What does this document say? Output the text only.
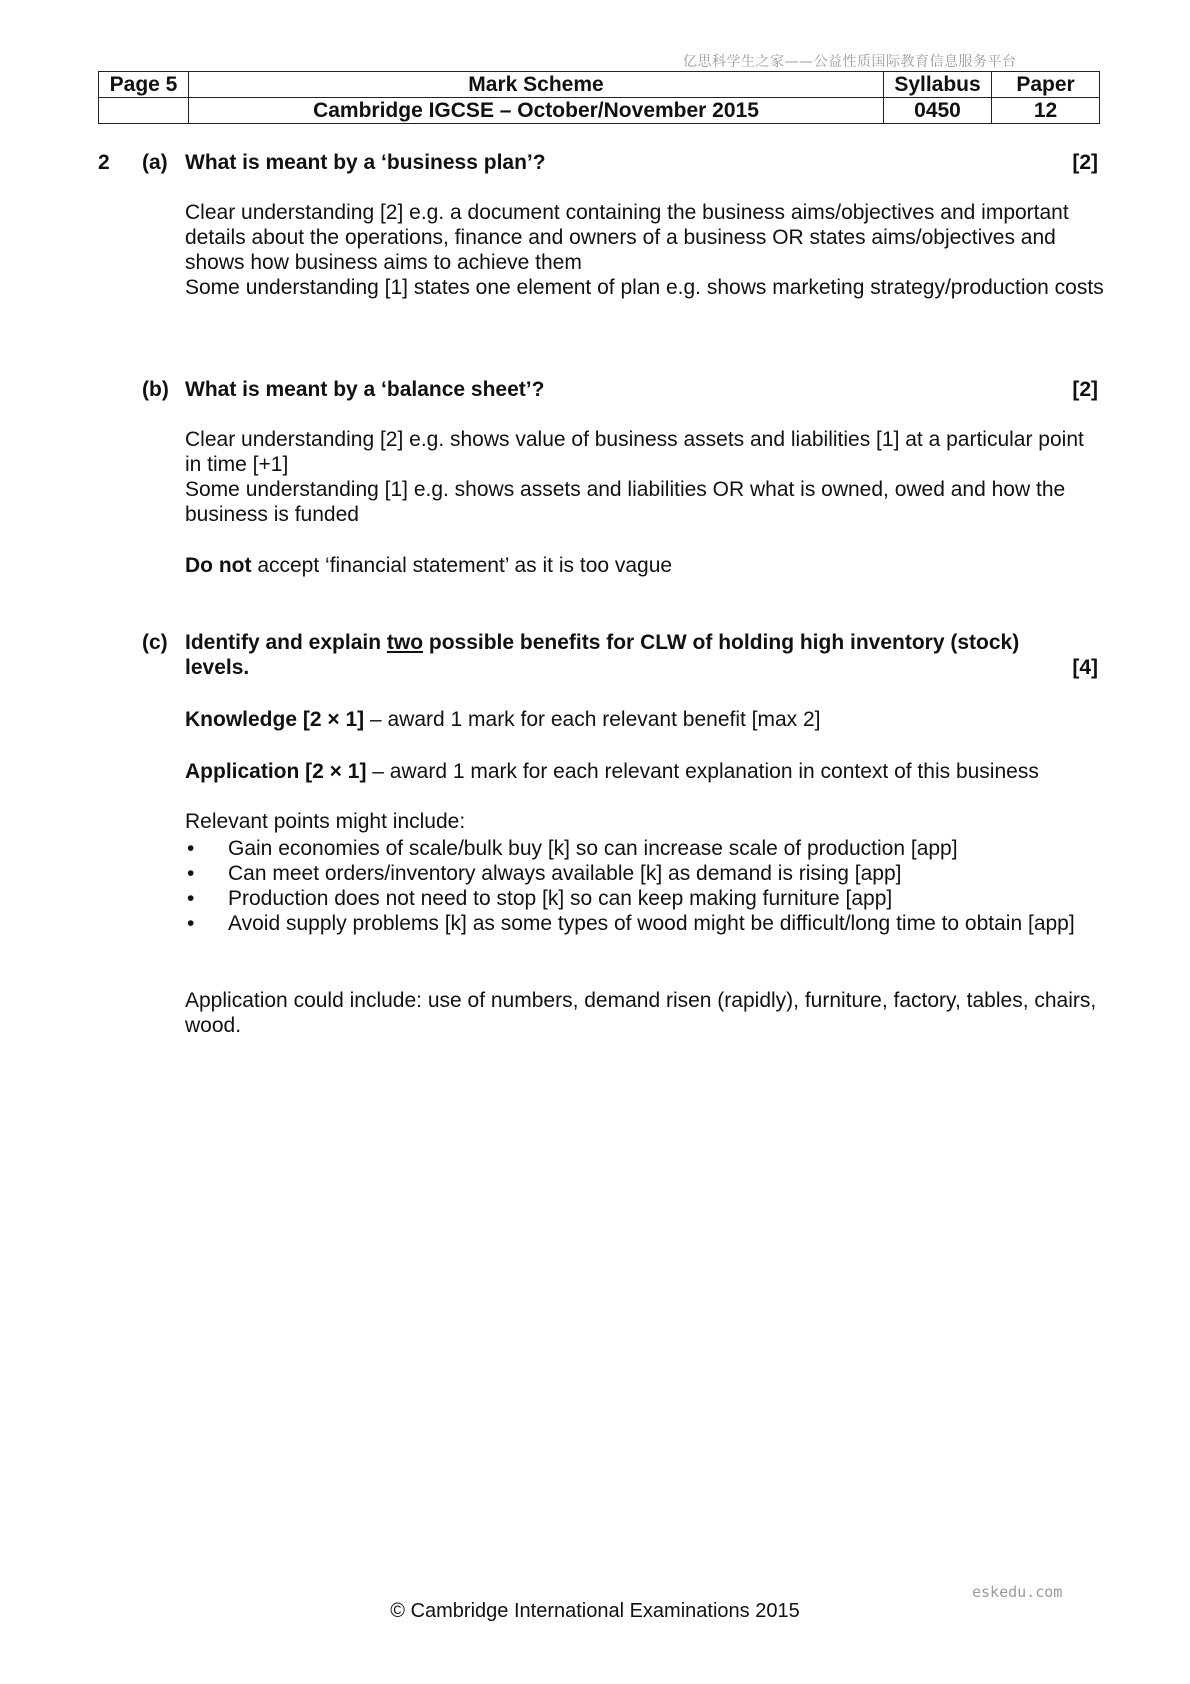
亿思科学生之家——公益性质国际教育信息服务平台
Page 5	Mark Scheme	Syllabus	Paper
	Cambridge IGCSE – October/November 2015	0450	12
2 (a) What is meant by a ‘business plan’?	[2]

Clear understanding [2] e.g. a document containing the business aims/objectives and important details about the operations, finance and owners of a business OR states aims/objectives and shows how business aims to achieve them

Some understanding [1] states one element of plan e.g. shows marketing strategy/production costs

(b) What is meant by a ‘balance sheet’?	[2]

Clear understanding [2] e.g. shows value of business assets and liabilities [1] at a particular point in time [+1]

Some understanding [1] e.g. shows assets and liabilities OR what is owned, owed and how the business is funded

Do not accept ‘financial statement’ as it is too vague

(c) Identify and explain two possible benefits for CLW of holding high inventory (stock) levels.	[4]

Knowledge [2 × 1] – award 1 mark for each relevant benefit [max 2]

Application [2 × 1] – award 1 mark for each relevant explanation in context of this business

Relevant points might include:

• Gain economies of scale/bulk buy [k] so can increase scale of production [app]
• Can meet orders/inventory always available [k] as demand is rising [app]
• Production does not need to stop [k] so can keep making furniture [app]
• Avoid supply problems [k] as some types of wood might be difficult/long time to obtain [app]

Application could include: use of numbers, demand risen (rapidly), furniture, factory, tables, chairs, wood.

eskedu.com
© Cambridge International Examinations 2015
